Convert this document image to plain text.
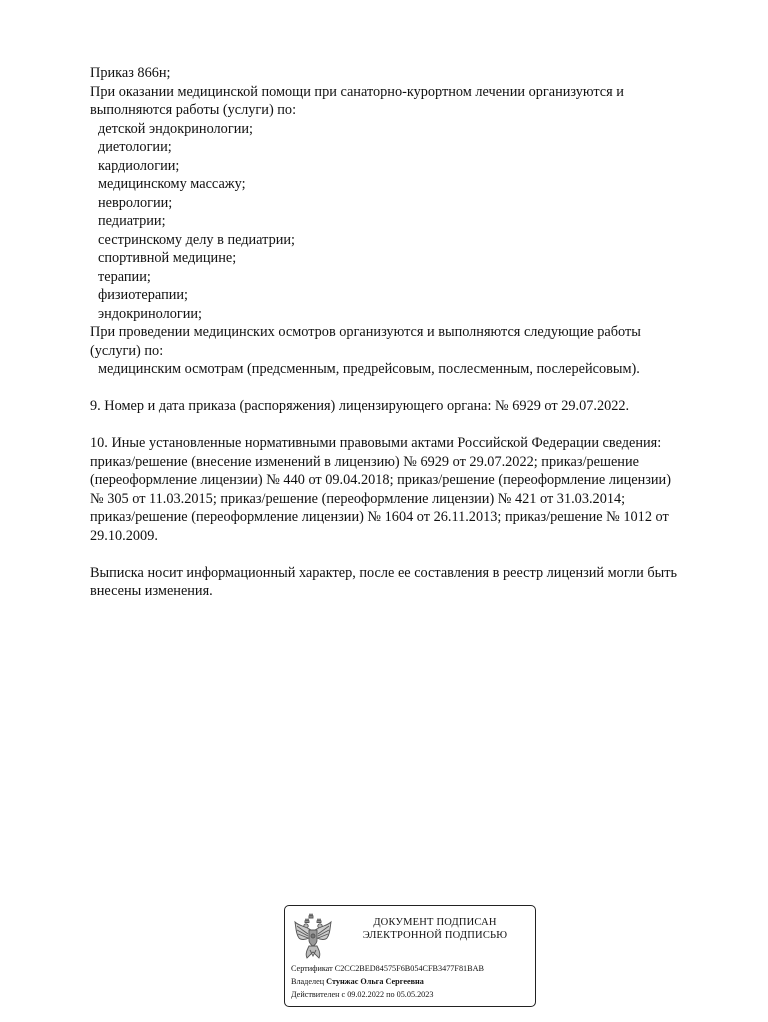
Приказ 866н;
При оказании медицинской помощи при санаторно-курортном лечении организуются и
выполняются работы (услуги) по:
детской эндокринологии;
диетологии;
кардиологии;
медицинскому массажу;
неврологии;
педиатрии;
сестринскому делу в педиатрии;
спортивной медицине;
терапии;
физиотерапии;
эндокринологии;
При проведении медицинских осмотров организуются и выполняются следующие работы
(услуги) по:
медицинским осмотрам (предсменным, предрейсовым, послесменным, послерейсовым).
9. Номер и дата приказа (распоряжения) лицензирующего органа: № 6929 от 29.07.2022.
10. Иные установленные нормативными правовыми актами Российской Федерации сведения:
приказ/решение (внесение изменений в лицензию) № 6929 от 29.07.2022; приказ/решение
(переоформление лицензии) № 440 от 09.04.2018; приказ/решение (переоформление лицензии)
№ 305 от 11.03.2015; приказ/решение (переоформление лицензии) № 421 от 31.03.2014;
приказ/решение (переоформление лицензии) № 1604 от 26.11.2013; приказ/решение № 1012 от
29.10.2009.
Выписка носит информационный характер, после ее составления в реестр лицензий могли быть
внесены изменения.
ДОКУМЕНТ ПОДПИСАН
ЭЛЕКТРОННОЙ ПОДПИСЬЮ
Сертификат C2CC2BED84575F6B054CFB3477F81BAB
Владелец Стунжас Ольга Сергеевна
Действителен с 09.02.2022 по 05.05.2023
